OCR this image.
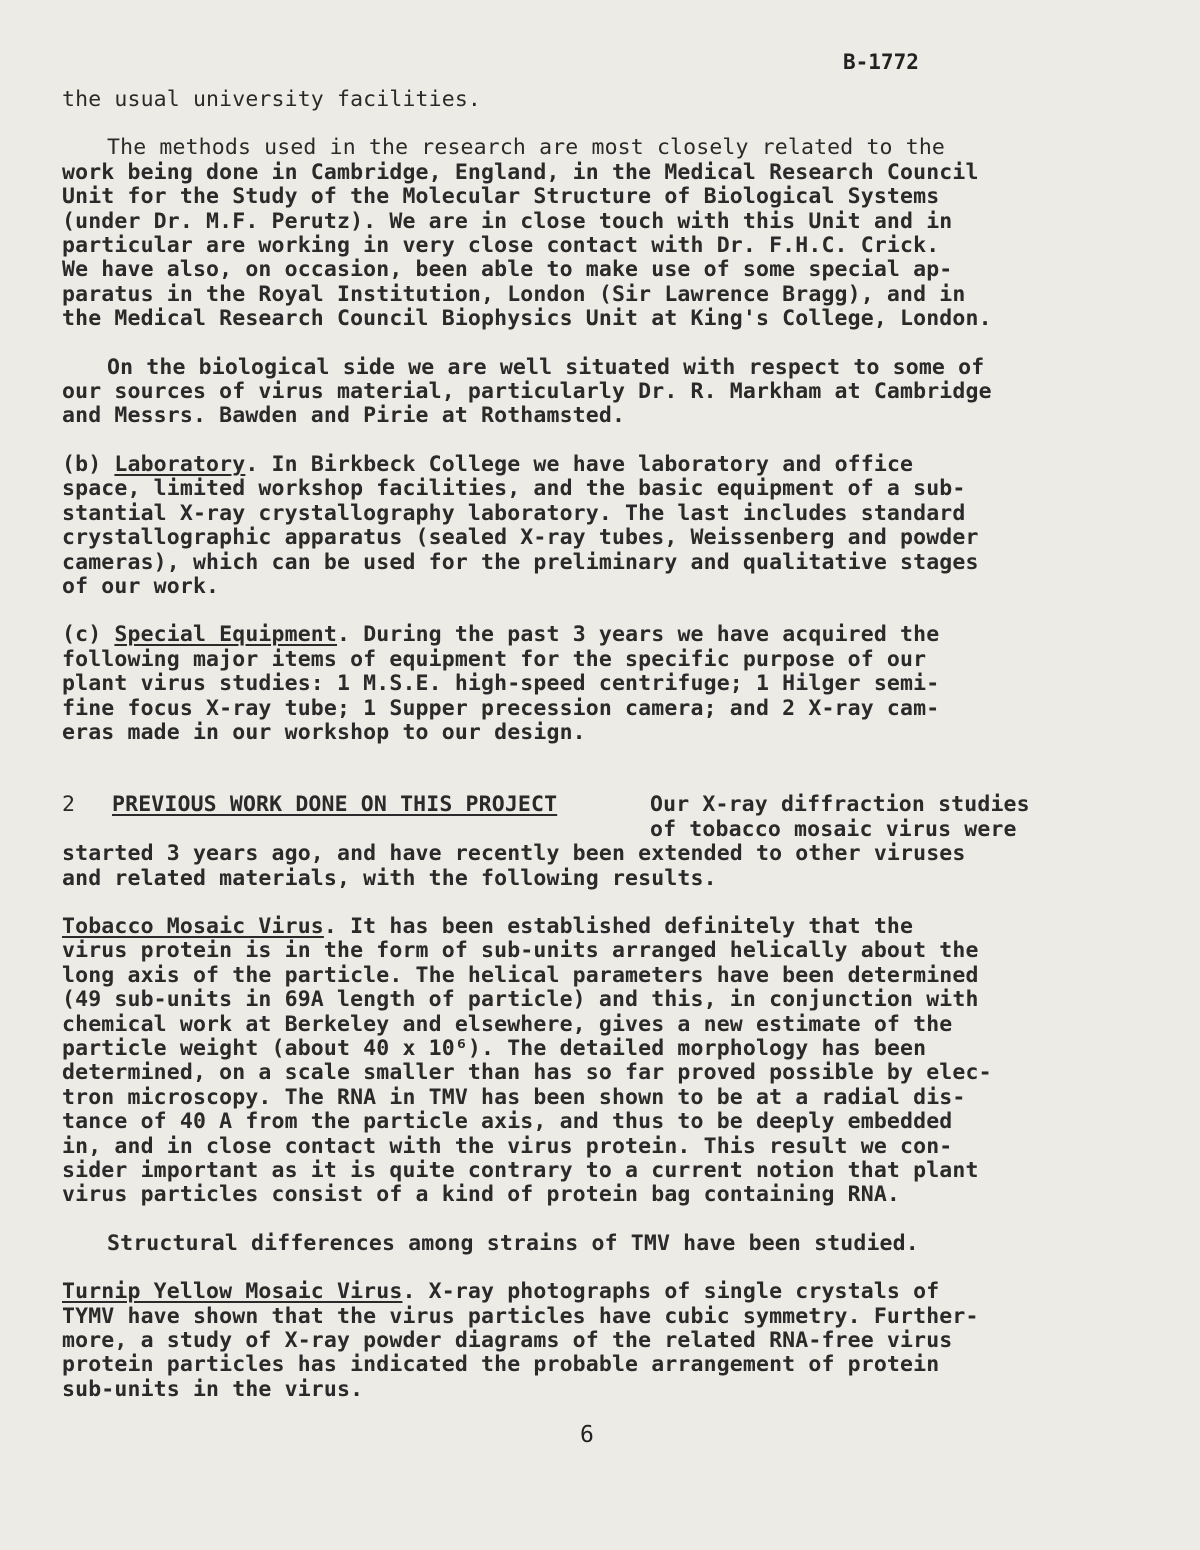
B-1772

the usual university facilities.

The methods used in the research are most closely related to the

work being done in Cambridge, England, in the Medical Research Council

Unit for the Study of the Molecular Structure of Biological Systems

(under Dr. M.F. Perutz). We are in close touch with this Unit and in

particular are working in very close contact with Dr. F.H.C. Crick.

We have also, on occasion, been able to make use of some special ap-

paratus in the Royal Institution, London (Sir Lawrence Bragg), and in

the Medical Research Council Biophysics Unit at King's College, London.

On the biological side we are well situated with respect to some of

our sources of virus material, particularly Dr. R. Markham at Cambridge

and Messrs. Bawden and Pirie at Rothamsted.

(b) Laboratory. In Birkbeck College we have laboratory and office

space, limited workshop facilities, and the basic equipment of a sub-

stantial X-ray crystallography laboratory. The last includes standard

crystallographic apparatus (sealed X-ray tubes, Weissenberg and powder

cameras), which can be used for the preliminary and qualitative stages

of our work.

(c) Special Equipment. During the past 3 years we have acquired the

following major items of equipment for the specific purpose of our

plant virus studies: 1 M.S.E. high-speed centrifuge; 1 Hilger semi-

fine focus X-ray tube; 1 Supper precession camera; and 2 X-ray cam-

eras made in our workshop to our design.

2	PREVIOUS WORK DONE ON THIS PROJECT	Our X-ray diffraction studies

of tobacco mosaic virus were

started 3 years ago, and have recently been extended to other viruses

and related materials, with the following results.

Tobacco Mosaic Virus. It has been established definitely that the

virus protein is in the form of sub-units arranged helically about the

long axis of the particle. The helical parameters have been determined

(49 sub-units in 69A length of particle) and this, in conjunction with

chemical work at Berkeley and elsewhere, gives a new estimate of the

particle weight (about 40 x 10⁶). The detailed morphology has been

determined, on a scale smaller than has so far proved possible by elec-

tron microscopy. The RNA in TMV has been shown to be at a radial dis-

tance of 40 A from the particle axis, and thus to be deeply embedded

in, and in close contact with the virus protein. This result we con-

sider important as it is quite contrary to a current notion that plant

virus particles consist of a kind of protein bag containing RNA.

Structural differences among strains of TMV have been studied.

Turnip Yellow Mosaic Virus. X-ray photographs of single crystals of

TYMV have shown that the virus particles have cubic symmetry. Further-

more, a study of X-ray powder diagrams of the related RNA-free virus

protein particles has indicated the probable arrangement of protein

sub-units in the virus.

6
